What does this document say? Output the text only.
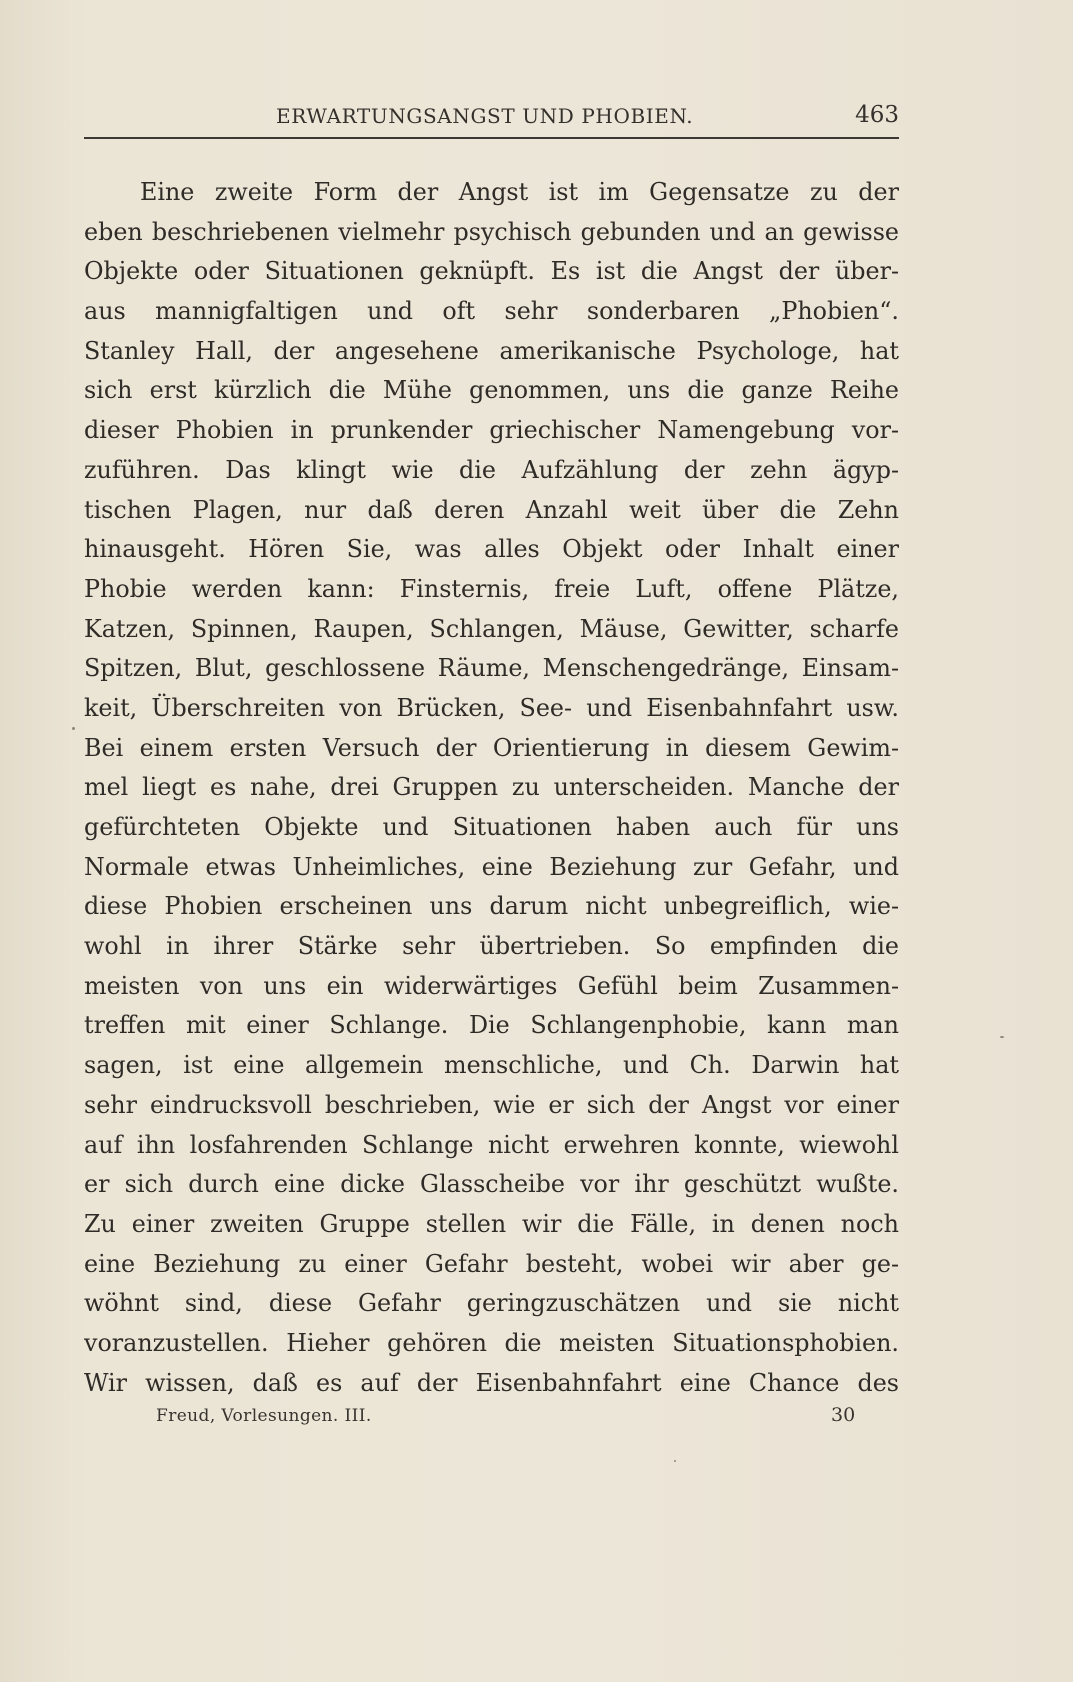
ERWARTUNGSANGST UND PHOBIEN.	463
Eine zweite Form der Angst ist im Gegensatze zu der
eben beschriebenen vielmehr psychisch gebunden und an gewisse
Objekte oder Situationen geknüpft. Es ist die Angst der über-
aus mannigfaltigen und oft sehr sonderbaren „Phobien“.
Stanley Hall, der angesehene amerikanische Psychologe, hat
sich erst kürzlich die Mühe genommen, uns die ganze Reihe
dieser Phobien in prunkender griechischer Namengebung vor-
zuführen. Das klingt wie die Aufzählung der zehn ägyp-
tischen Plagen, nur daß deren Anzahl weit über die Zehn
hinausgeht. Hören Sie, was alles Objekt oder Inhalt einer
Phobie werden kann: Finsternis, freie Luft, offene Plätze,
Katzen, Spinnen, Raupen, Schlangen, Mäuse, Gewitter, scharfe
Spitzen, Blut, geschlossene Räume, Menschengedränge, Einsam-
keit, Überschreiten von Brücken, See- und Eisenbahnfahrt usw.
Bei einem ersten Versuch der Orientierung in diesem Gewim-
mel liegt es nahe, drei Gruppen zu unterscheiden. Manche der
gefürchteten Objekte und Situationen haben auch für uns
Normale etwas Unheimliches, eine Beziehung zur Gefahr, und
diese Phobien erscheinen uns darum nicht unbegreiflich, wie-
wohl in ihrer Stärke sehr übertrieben. So empfinden die
meisten von uns ein widerwärtiges Gefühl beim Zusammen-
treffen mit einer Schlange. Die Schlangenphobie, kann man
sagen, ist eine allgemein menschliche, und Ch. Darwin hat
sehr eindrucksvoll beschrieben, wie er sich der Angst vor einer
auf ihn losfahrenden Schlange nicht erwehren konnte, wiewohl
er sich durch eine dicke Glasscheibe vor ihr geschützt wußte.
Zu einer zweiten Gruppe stellen wir die Fälle, in denen noch
eine Beziehung zu einer Gefahr besteht, wobei wir aber ge-
wöhnt sind, diese Gefahr geringzuschätzen und sie nicht
voranzustellen. Hieher gehören die meisten Situationsphobien.
Wir wissen, daß es auf der Eisenbahnfahrt eine Chance des
Freud, Vorlesungen. III.	30
